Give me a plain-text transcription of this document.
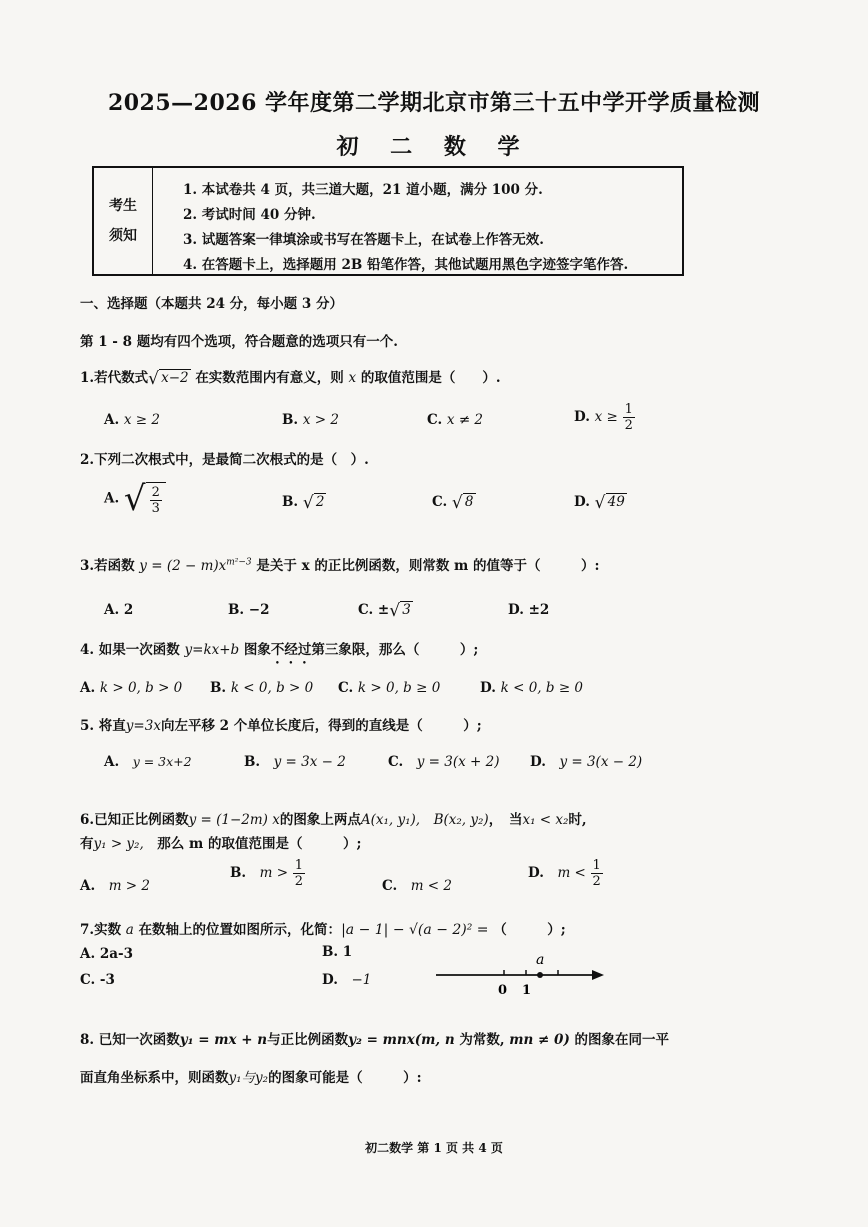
2025—2026 学年度第二学期北京市第三十五中学开学质量检测
初 二 数 学
考生
须知
1. 本试卷共 4 页，共三道大题，21 道小题，满分 100 分.
2. 考试时间 40 分钟.
3. 试题答案一律填涂或书写在答题卡上，在试卷上作答无效.
4. 在答题卡上，选择题用 2B 铅笔作答，其他试题用黑色字迹签字笔作答.
一、选择题（本题共 24 分，每小题 3 分）
第 1 - 8 题均有四个选项，符合题意的选项只有一个.
1.若代数式 √ x−2 在实数范围内有意义，则 x 的取值范围是（　　）.
A. x ≥ 2	B. x > 2	C. x ≠ 2	D. $x \ge \frac{1}{2}$
2.下列二次根式中，是最简二次根式的是（　）.
A. √ $\frac{2}{3}$	B. √ 2	C. √ 8	D. √ 49
3.若函数 $y = (2 - m)x^{m^2-3}$ 是关于 x 的正比例函数，则常数 m 的值等于（　　　）:
A. 2	B. −2	C. ± √ 3	D. ±2
4. 如果一次函数 y=kx+b 图象不经过第三象限，那么（　　　）;
A. k > 0, b > 0 B. k < 0, b > 0 C. k > 0, b ≥ 0	D. k < 0, b ≥ 0
5. 将直y=3x向左平移 2 个单位长度后，得到的直线是（　　　）;
A.　 y = 3x+2	B.　 y = 3x − 2	C.　 y = 3(x + 2) D.　 y = 3(x − 2)
6.已知正比例函数y = (1−2m) x的图象上两点A(x₁, y₁),　 B(x₂, y₂)，　当x₁ < x₂时,
有y₁ > y₂,　那么 m 的取值范围是（　　　）;
A.　 m > 2
B.　 $m > \frac{1}{2}$	C.　 m < 2
D.　 $m < \frac{1}{2}$
7.实数 a 在数轴上的位置如图所示，化简：|a − 1| − √(a − 2)² = （　　　）;
A. 2a-3	B. 1
C. -3	D.　 −1
a
0 1
8. 已知一次函数y₁ = mx + n与正比例函数y₂ = mnx(m, n 为常数, mn ≠ 0) 的图象在同一平
面直角坐标系中，则函数y₁与y₂的图象可能是（　　　）:
初二数学 第 1 页 共 4 页
